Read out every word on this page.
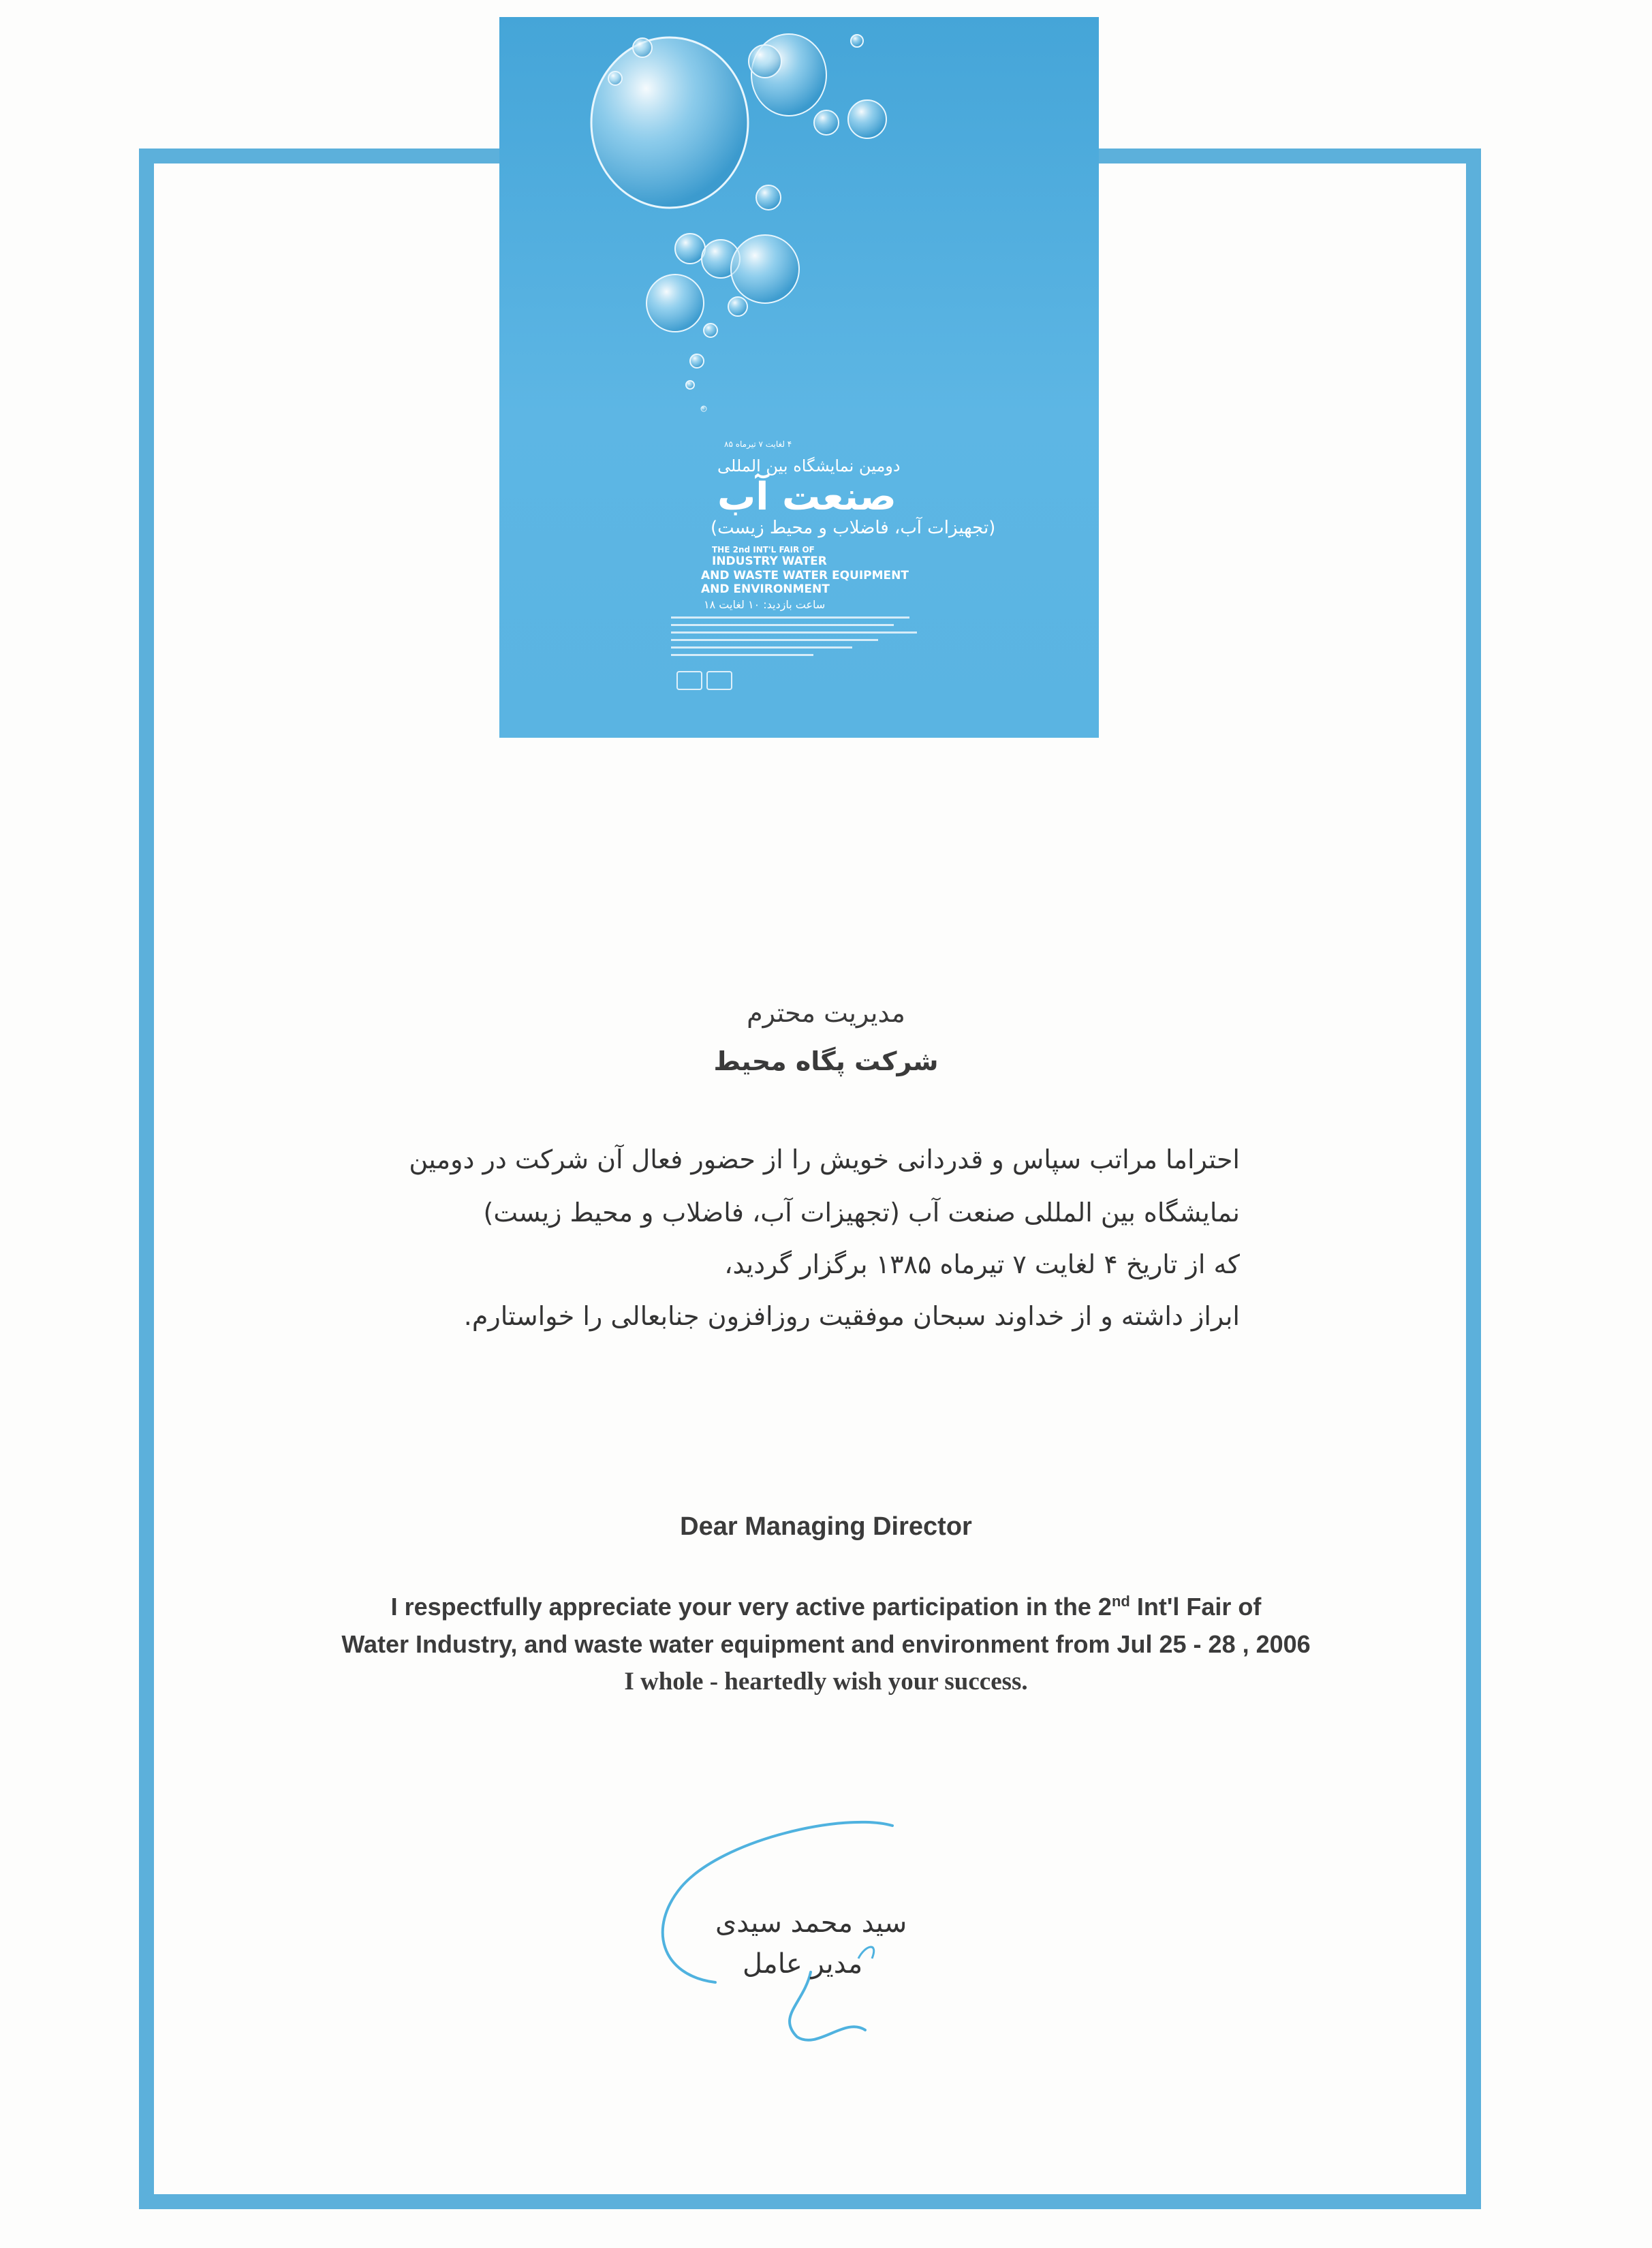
۴ لغایت ۷ تیرماه ۸۵
دومین نمایشگاه بین المللی
صنعت آب
(تجهیزات آب، فاضلاب و محیط زیست)
THE 2nd INT'L FAIR OF
INDUSTRY WATER
AND WASTE WATER EQUIPMENT
AND ENVIRONMENT
ساعت بازدید: ۱۰ لغایت ۱۸
مدیریت محترم
شرکت پگاه محیط
احتراما مراتب سپاس و قدردانی خویش را از حضور فعال آن شرکت در دومین
نمایشگاه بین المللی صنعت آب (تجهیزات آب، فاضلاب و محیط زیست)
که از تاریخ ۴ لغایت ۷ تیرماه ۱۳۸۵ برگزار گردید،
ابراز داشته و از خداوند سبحان موفقیت روزافزون جنابعالی را خواستارم.
Dear Managing Director
I respectfully appreciate your very active participation in the 2nd Int'l Fair of
Water Industry, and waste water equipment and environment from Jul 25 - 28 , 2006
I whole - heartedly wish your success.
سید محمد سیدی
مدیر عامل
